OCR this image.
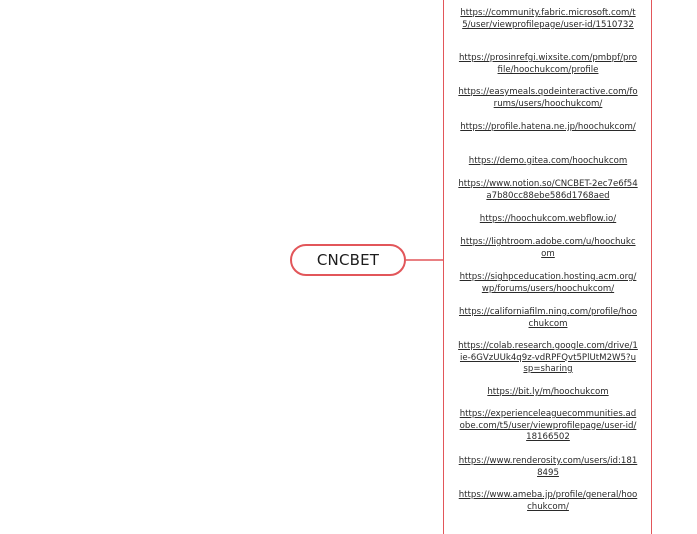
CNCBET
https://community.fabric.microsoft.com/t5/user/viewprofilepage/user-id/1510732
https://prosinrefgi.wixsite.com/pmbpf/profile/hoochukcom/profile
https://easymeals.qodeinteractive.com/forums/users/hoochukcom/
https://profile.hatena.ne.jp/hoochukcom/
https://demo.gitea.com/hoochukcom
https://www.notion.so/CNCBET-2ec7e6f54a7b80cc88ebe586d1768aed
https://hoochukcom.webflow.io/
https://lightroom.adobe.com/u/hoochukcom
https://sighpceducation.hosting.acm.org/wp/forums/users/hoochukcom/
https://californiafilm.ning.com/profile/hoochukcom
https://colab.research.google.com/drive/1ie-6GVzUUk4q9z-vdRPFQvt5PlUtM2W5?usp=sharing
https://bit.ly/m/hoochukcom
https://experienceleaguecommunities.adobe.com/t5/user/viewprofilepage/user-id/18166502
https://www.renderosity.com/users/id:1818495
https://www.ameba.jp/profile/general/hoochukcom/
